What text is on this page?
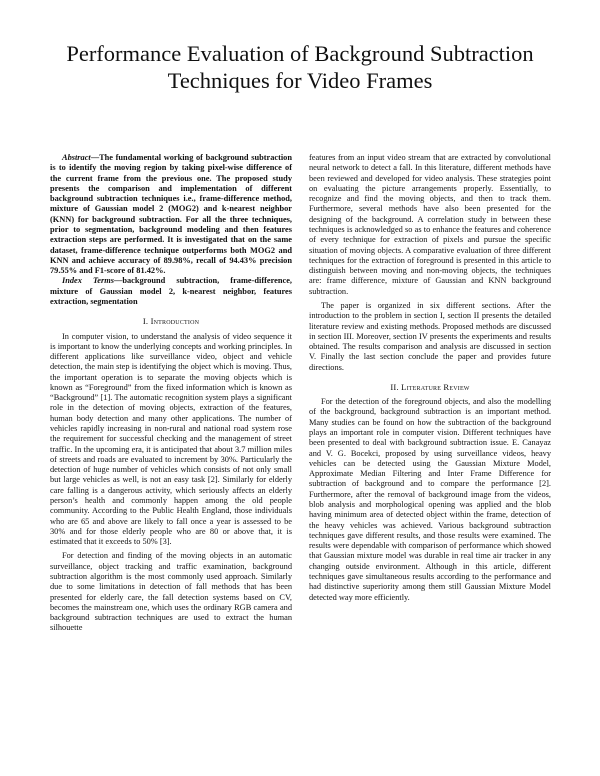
Performance Evaluation of Background Subtraction Techniques for Video Frames

Abstract—The fundamental working of background subtraction is to identify the moving region by taking pixel-wise difference of the current frame from the previous one. The proposed study presents the comparison and implementation of different background subtraction techniques i.e., frame-difference method, mixture of Gaussian model 2 (MOG2) and k-nearest neighbor (KNN) for background subtraction. For all the three techniques, prior to segmentation, background modeling and then features extraction steps are performed. It is investigated that on the same dataset, frame-difference technique outperforms both MOG2 and KNN and achieve accuracy of 89.98%, recall of 94.43% precision 79.55% and F1-score of 81.42%.

Index Terms—background subtraction, frame-difference, mixture of Gaussian model 2, k-nearest neighbor, features extraction, segmentation

I. Introduction

In computer vision, to understand the analysis of video sequence it is important to know the underlying concepts and working principles. In different applications like surveillance video, object and vehicle detection, the main step is identifying the object which is moving. Thus, the important operation is to separate the moving objects which is known as “Foreground” from the fixed information which is known as “Background” [1]. The automatic recognition system plays a significant role in the detection of moving objects, extraction of the features, human body detection and many other applications. The number of vehicles rapidly increasing in non-rural and national road system rose the requirement for successful checking and the management of street traffic. In the upcoming era, it is anticipated that about 3.7 million miles of streets and roads are evaluated to increment by 30%. Particularly the detection of huge number of vehicles which consists of not only small but large vehicles as well, is not an easy task [2]. Similarly for elderly care falling is a dangerous activity, which seriously affects an elderly person’s health and commonly happen among the old people community. According to the Public Health England, those individuals who are 65 and above are likely to fall once a year is assessed to be 30% and for those elderly people who are 80 or above that, it is estimated that it exceeds to 50% [3].

For detection and finding of the moving objects in an automatic surveillance, object tracking and traffic examination, background subtraction algorithm is the most commonly used approach. Similarly due to some limitations in detection of fall methods that has been presented for elderly care, the fall detection systems based on CV, becomes the mainstream one, which uses the ordinary RGB camera and background subtraction techniques are used to extract the human silhouette

features from an input video stream that are extracted by convolutional neural network to detect a fall. In this literature, different methods have been reviewed and developed for video analysis. These strategies point on evaluating the picture arrangements properly. Essentially, to recognize and find the moving objects, and then to track them. Furthermore, several methods have also been presented for the designing of the background. A correlation study in between these techniques is acknowledged so as to enhance the features and coherence of every technique for extraction of pixels and pursue the specific situation of moving objects. A comparative evaluation of three different techniques for the extraction of foreground is presented in this article to distinguish between moving and non-moving objects, the techniques are: frame difference, mixture of Gaussian and KNN background subtraction.

The paper is organized in six different sections. After the introduction to the problem in section I, section II presents the detailed literature review and existing methods. Proposed methods are discussed in section III. Moreover, section IV presents the experiments and results obtained. The results comparison and analysis are discussed in section V. Finally the last section conclude the paper and provides future directions.

II. Literature Review

For the detection of the foreground objects, and also the modelling of the background, background subtraction is an important method. Many studies can be found on how the subtraction of the background plays an important role in computer vision. Different techniques have been presented to deal with background subtraction issue. E. Canayaz and V. G. Bocekci, proposed by using surveillance videos, heavy vehicles can be detected using the Gaussian Mixture Model, Approximate Median Filtering and Inter Frame Difference for subtraction of background and to compare the performance [2]. Furthermore, after the removal of background image from the videos, blob analysis and morphological opening was applied and the blob having minimum area of detected object within the frame, detection of the heavy vehicles was achieved. Various background subtraction techniques gave different results, and those results were examined. The results were dependable with comparison of performance which showed that Gaussian mixture model was durable in real time air tracker in any changing outside environment. Although in this article, different techniques gave simultaneous results according to the performance and had distinctive superiority among them still Gaussian Mixture Model detected way more efficiently.
